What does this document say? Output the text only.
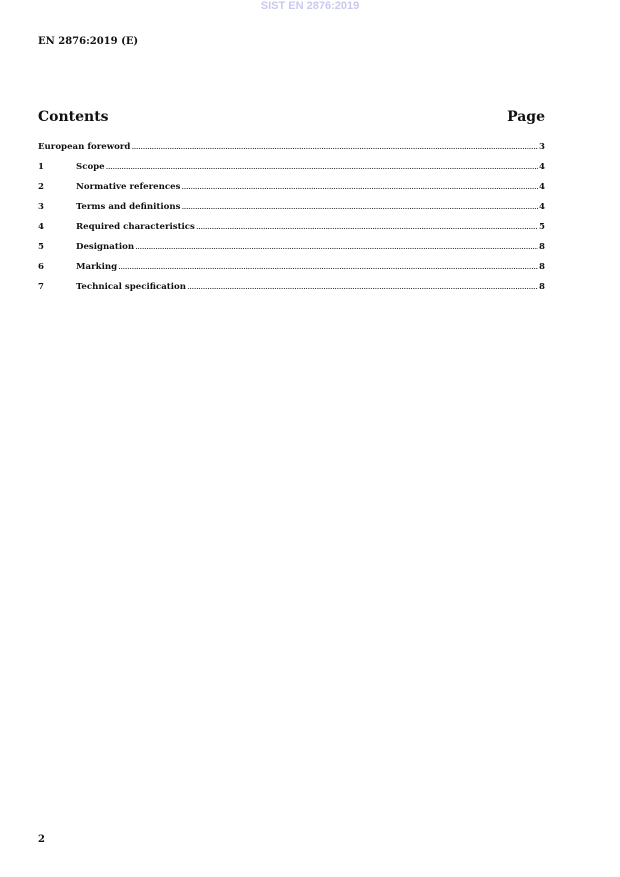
SIST EN 2876:2019
EN 2876:2019 (E)
Contents	Page
European foreword .....	3
1	Scope .....	4
2	Normative references .....	4
3	Terms and definitions .....	4
4	Required characteristics .....	5
5	Designation .....	8
6	Marking .....	8
7	Technical specification .....	8
2
